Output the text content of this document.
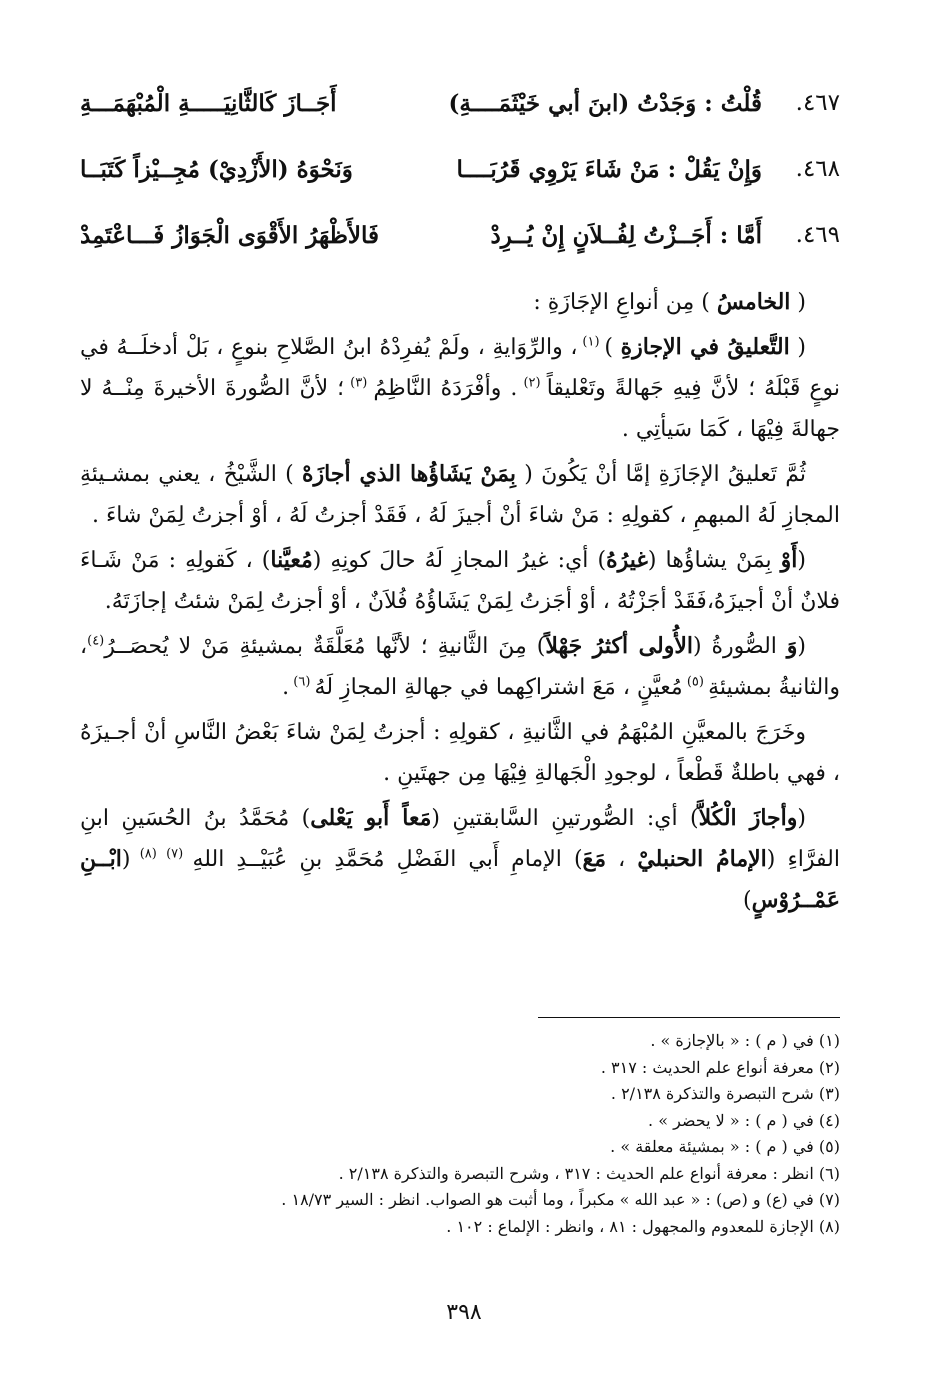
٤٦٧.
قُلْتُ : وَجَدْتُ (ابنَ أبي خَيْثَمَــــةِ)
أَجَــازَ كَالثَّانِيَـــــةِ الْمُبْهَمَـــةِ
٤٦٨.
وَإِنْ يَقُلْ : مَنْ شَاءَ يَرْوِي قَرُبَــــا
وَنَحْوَهُ (الأَزْدِيْ) مُجِــيْزاً كَتَبَــا
٤٦٩.
أَمَّا : أَجَــزْتُ لِفُــلاَنٍ إِنْ يُــرِدْ
فَالأَظْهَرُ الأَقْوَى الْجَوَازُ فَـــاعْتَمِدْ

( الخامسُ ) مِن أنواعِ الإجَازَةِ :

( التَّعليقُ في الإجازةِ ) $^{(١)}$ ، والرِّوَايةِ ، ولَمْ يُفرِدْهُ ابنُ الصَّلاحِ بنوعٍ ، بَلْ أدخلَــهُ في نوعٍ قَبْلَهُ ؛ لأنَّ فِيهِ جَهالةً وتَعْليقاً $^{(٢)}$ . وأفْرَدَهُ النَّاظِمُ $^{(٣)}$ ؛ لأنَّ الصُّورةَ الأخيرةَ مِنْــهُ لا جهالةَ فِيْهَا ، كَمَا سَيأتِي .

ثُمَّ تَعليقُ الإجَازَةِ إمَّا أنْ يَكُونَ ( بِمَنْ يَشَاؤُها الذي أجازَهْ ) الشَّيْخُ ، يعني بمشـيئةِ المجازِ لَهُ المبهمِ ، كقولِهِ : مَنْ شاءَ أنْ أجيزَ لَهُ ، فَقَدْ أجزتُ لَهُ ، أوْ أجزتُ لِمَنْ شاءَ .

(أَوْ بِمَنْ يشاؤُها (غيرُهُ) أي: غيرُ المجازِ لَهُ حالَ كونِهِ (مُعيَّنا) ، كَقولِهِ : مَنْ شَـاءَ فلانٌ أنْ أجيزَهُ،فَقَدْ أجَزْتُهُ ، أوْ أجَزتُ لِمَنْ يَشَاؤُهُ فُلاَنٌ ، أوْ أجزتُ لِمَنْ شئتُ إجازَتَهُ.

(وَ الصُّورةُ (الأُولى أكثرُ جَهْلاً) مِنَ الثَّانيةِ ؛ لأنَّها مُعَلَّقَةٌ بمشيئةِ مَنْ لا يُحصَــرُ$^{(٤)}$، والثانيةُ بمشيئةِ $^{(٥)}$ مُعيَّنٍ ، مَعَ اشتراكِهما في جهالةِ المجازِ لَهُ $^{(٦)}$ .

وخَرَجَ بالمعيَّنِ المُبْهَمُ في الثَّانيةِ ، كقولِهِ : أجزتُ لِمَنْ شاءَ بَعْضُ النَّاسِ أنْ أجـيزَهُ ، فهي باطلةٌ قَطْعاً ، لوجودِ الْجَهالةِ فِيْهَا مِن جهتَينِ .

(وأجازَ الْكُلاَّ) أي: الصُّورتينِ السَّابقتينِ (مَعاً أَبو يَعْلى) مُحَمَّدُ بنُ الحُسَينِ ابنِ الفرَّاءِ (الإمامُ الحنبليْ ، مَعَ) الإمامِ أَبي الفَضْلِ مُحَمَّدِ بنِ عُبَيْــدِ اللهِ $^{(٧) (٨)}$ (ابْــنِ عَمْــرُوْسٍ)

(١) في ( م ) : « بالإجازة » .
(٢) معرفة أنواع علم الحديث : ٣١٧ .
(٣) شرح التبصرة والتذكرة ٢/١٣٨ .
(٤) في ( م ) : « لا يحضر » .
(٥) في ( م ) : « بمشيئة معلقة » .
(٦) انظر : معرفة أنواع علم الحديث : ٣١٧ ، وشرح التبصرة والتذكرة ٢/١٣٨ .
(٧) في (ع) و (ص) : « عبد الله » مكبراً ، وما أثبت هو الصواب. انظر : السير ١٨/٧٣ .
(٨) الإجازة للمعدوم والمجهول : ٨١ ، وانظر : الإلماع : ١٠٢ .
٣٩٨
